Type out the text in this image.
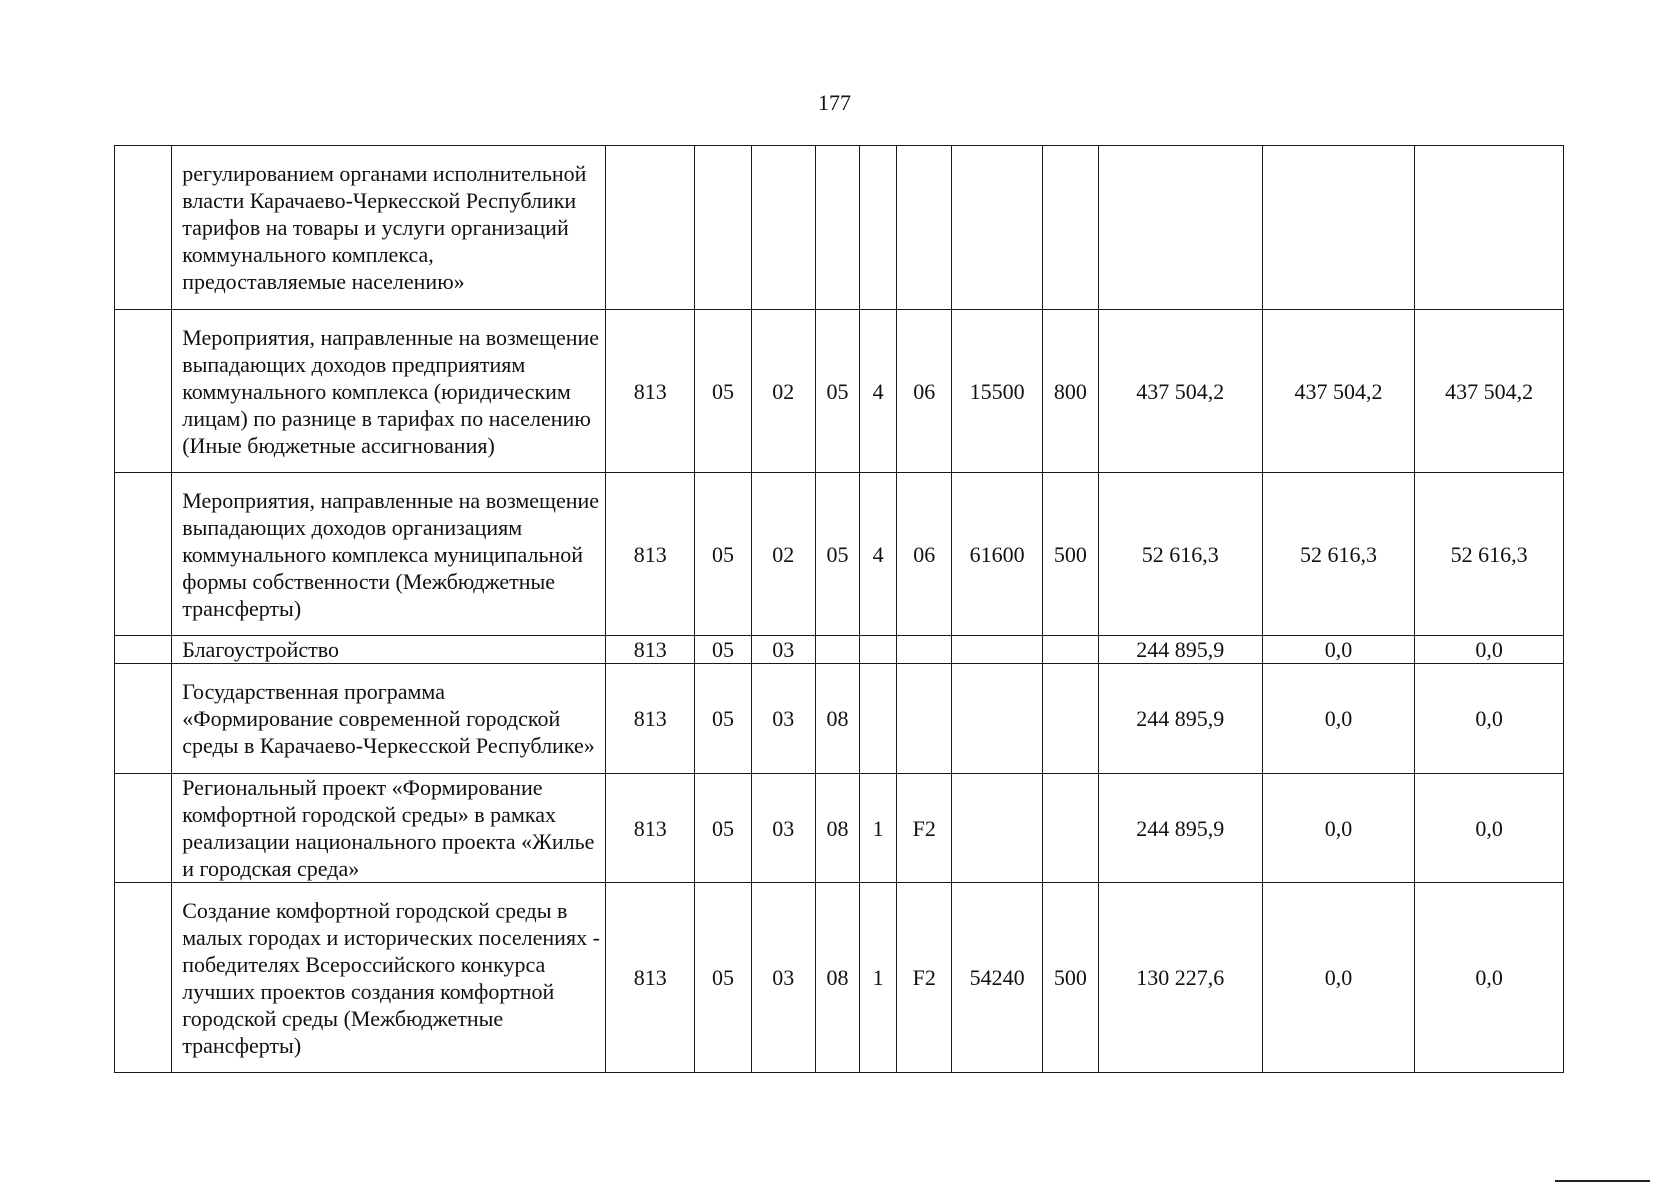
177
	регулированием органами исполнительной власти Карачаево-Черкесской Республики тарифов на товары и услуги организаций коммунального комплекса, предоставляемые населению»											
	Мероприятия, направленные на возмещение выпадающих доходов предприятиям коммунального комплекса (юридическим лицам) по разнице в тарифах по населению (Иные бюджетные ассигнования)	813	05	02	05	4	06	15500	800	437 504,2	437 504,2	437 504,2
	Мероприятия, направленные на возмещение выпадающих доходов организациям коммунального комплекса муниципальной формы собственности (Межбюджетные трансферты)	813	05	02	05	4	06	61600	500	52 616,3	52 616,3	52 616,3
	Благоустройство	813	05	03						244 895,9	0,0	0,0
	Государственная программа «Формирование современной городской среды в Карачаево-Черкесской Республике»	813	05	03	08					244 895,9	0,0	0,0
	Региональный проект «Формирование комфортной городской среды» в рамках реализации национального проекта «Жилье и городская среда»	813	05	03	08	1	F2			244 895,9	0,0	0,0
	Создание комфортной городской среды в малых городах и исторических поселениях - победителях Всероссийского конкурса лучших проектов создания комфортной городской среды (Межбюджетные трансферты)	813	05	03	08	1	F2	54240	500	130 227,6	0,0	0,0
